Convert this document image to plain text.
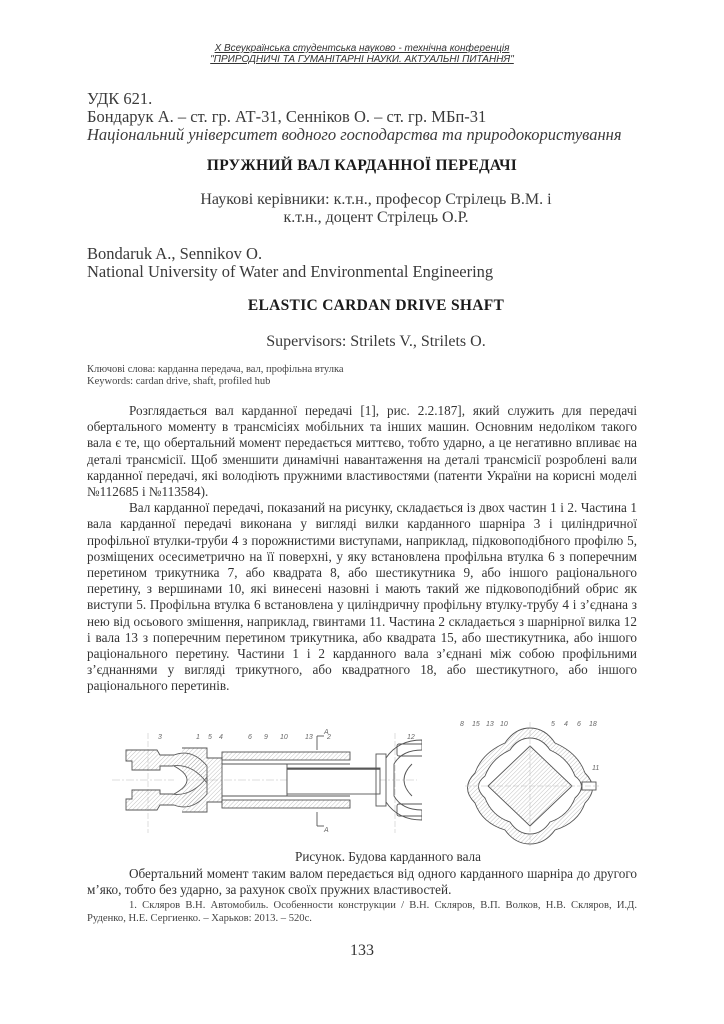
X Всеукраїнська студентська науково - технічна конференція
"ПРИРОДНИЧІ ТА ГУМАНІТАРНІ НАУКИ. АКТУАЛЬНІ ПИТАННЯ"
УДК 621.
Бондарук А. – ст. гр. АТ-31, Сенніков О. – ст. гр. МБп-31
Національний університет водного господарства та природокористування
ПРУЖНИЙ ВАЛ КАРДАННОЇ ПЕРЕДАЧІ
Наукові керівники: к.т.н., професор Стрілець В.М. і
к.т.н., доцент Стрілець О.Р.
Bondaruk A., Sennikov O.
National University of Water and Environmental Engineering
ELASTIC CARDAN DRIVE SHAFT
Supervisors: Strilets V., Strilets O.
Ключові слова: карданна передача, вал, профільна втулка
Keywords: cardan drive, shaft, profiled hub

Розглядається вал карданної передачі [1], рис. 2.2.187], який служить для передачі обертального моменту в трансмісіях мобільних та інших машин. Основним недоліком такого вала є те, що обертальний момент передається миттєво, тобто ударно, а це негативно впливає на деталі трансмісії. Щоб зменшити динамічні навантаження на деталі трансмісії розроблені вали карданної передачі, які володіють пружними властивостями (патенти України на корисні моделі №112685 і №113584).

Вал карданної передачі, показаний на рисунку, складається із двох частин 1 і 2. Частина 1 вала карданної передачі виконана у вигляді вилки карданного шарніра 3 і циліндричної профільної втулки-труби 4 з порожнистими виступами, наприклад, підковоподібного профілю 5, розміщених осесиметрично на її поверхні, у яку встановлена профільна втулка 6 з поперечним перетином трикутника 7, або квадрата 8, або шестикутника 9, або іншого раціонального перетину, з вершинами 10, які винесені назовні і мають такий же підковоподібний обрис як виступи 5. Профільна втулка 6 встановлена у циліндричну профільну втулку-трубу 4 і з’єднана з нею від осьового змішення, наприклад, гвинтами 11. Частина 2 складається з шарнірної вилка 12 і вала 13 з поперечним перетином трикутника, або квадрата 15, або шестикутника, або іншого раціонального перетину. Частини 1 і 2 карданного вала з’єднані між собою профільними з’єднаннями у вигляді трикутного, або квадратного 18, або шестикутного, або іншого раціонального перетинів.

3	1 5 4	6 9 10 13 2	12
А
А
8 15 13 10	5 4 6 18
11
Рисунок. Будова карданного вала

Обертальний момент таким валом передається від одного карданного шарніра до другого м’яко, тобто без ударно, за рахунок своїх пружних властивостей.

1. Скляров В.Н. Автомобиль. Особенности конструкции / В.Н. Скляров, В.П. Волков, Н.В. Скляров, И.Д. Руденко, Н.Е. Сергиенко. – Харьков: 2013. – 520с.

133
